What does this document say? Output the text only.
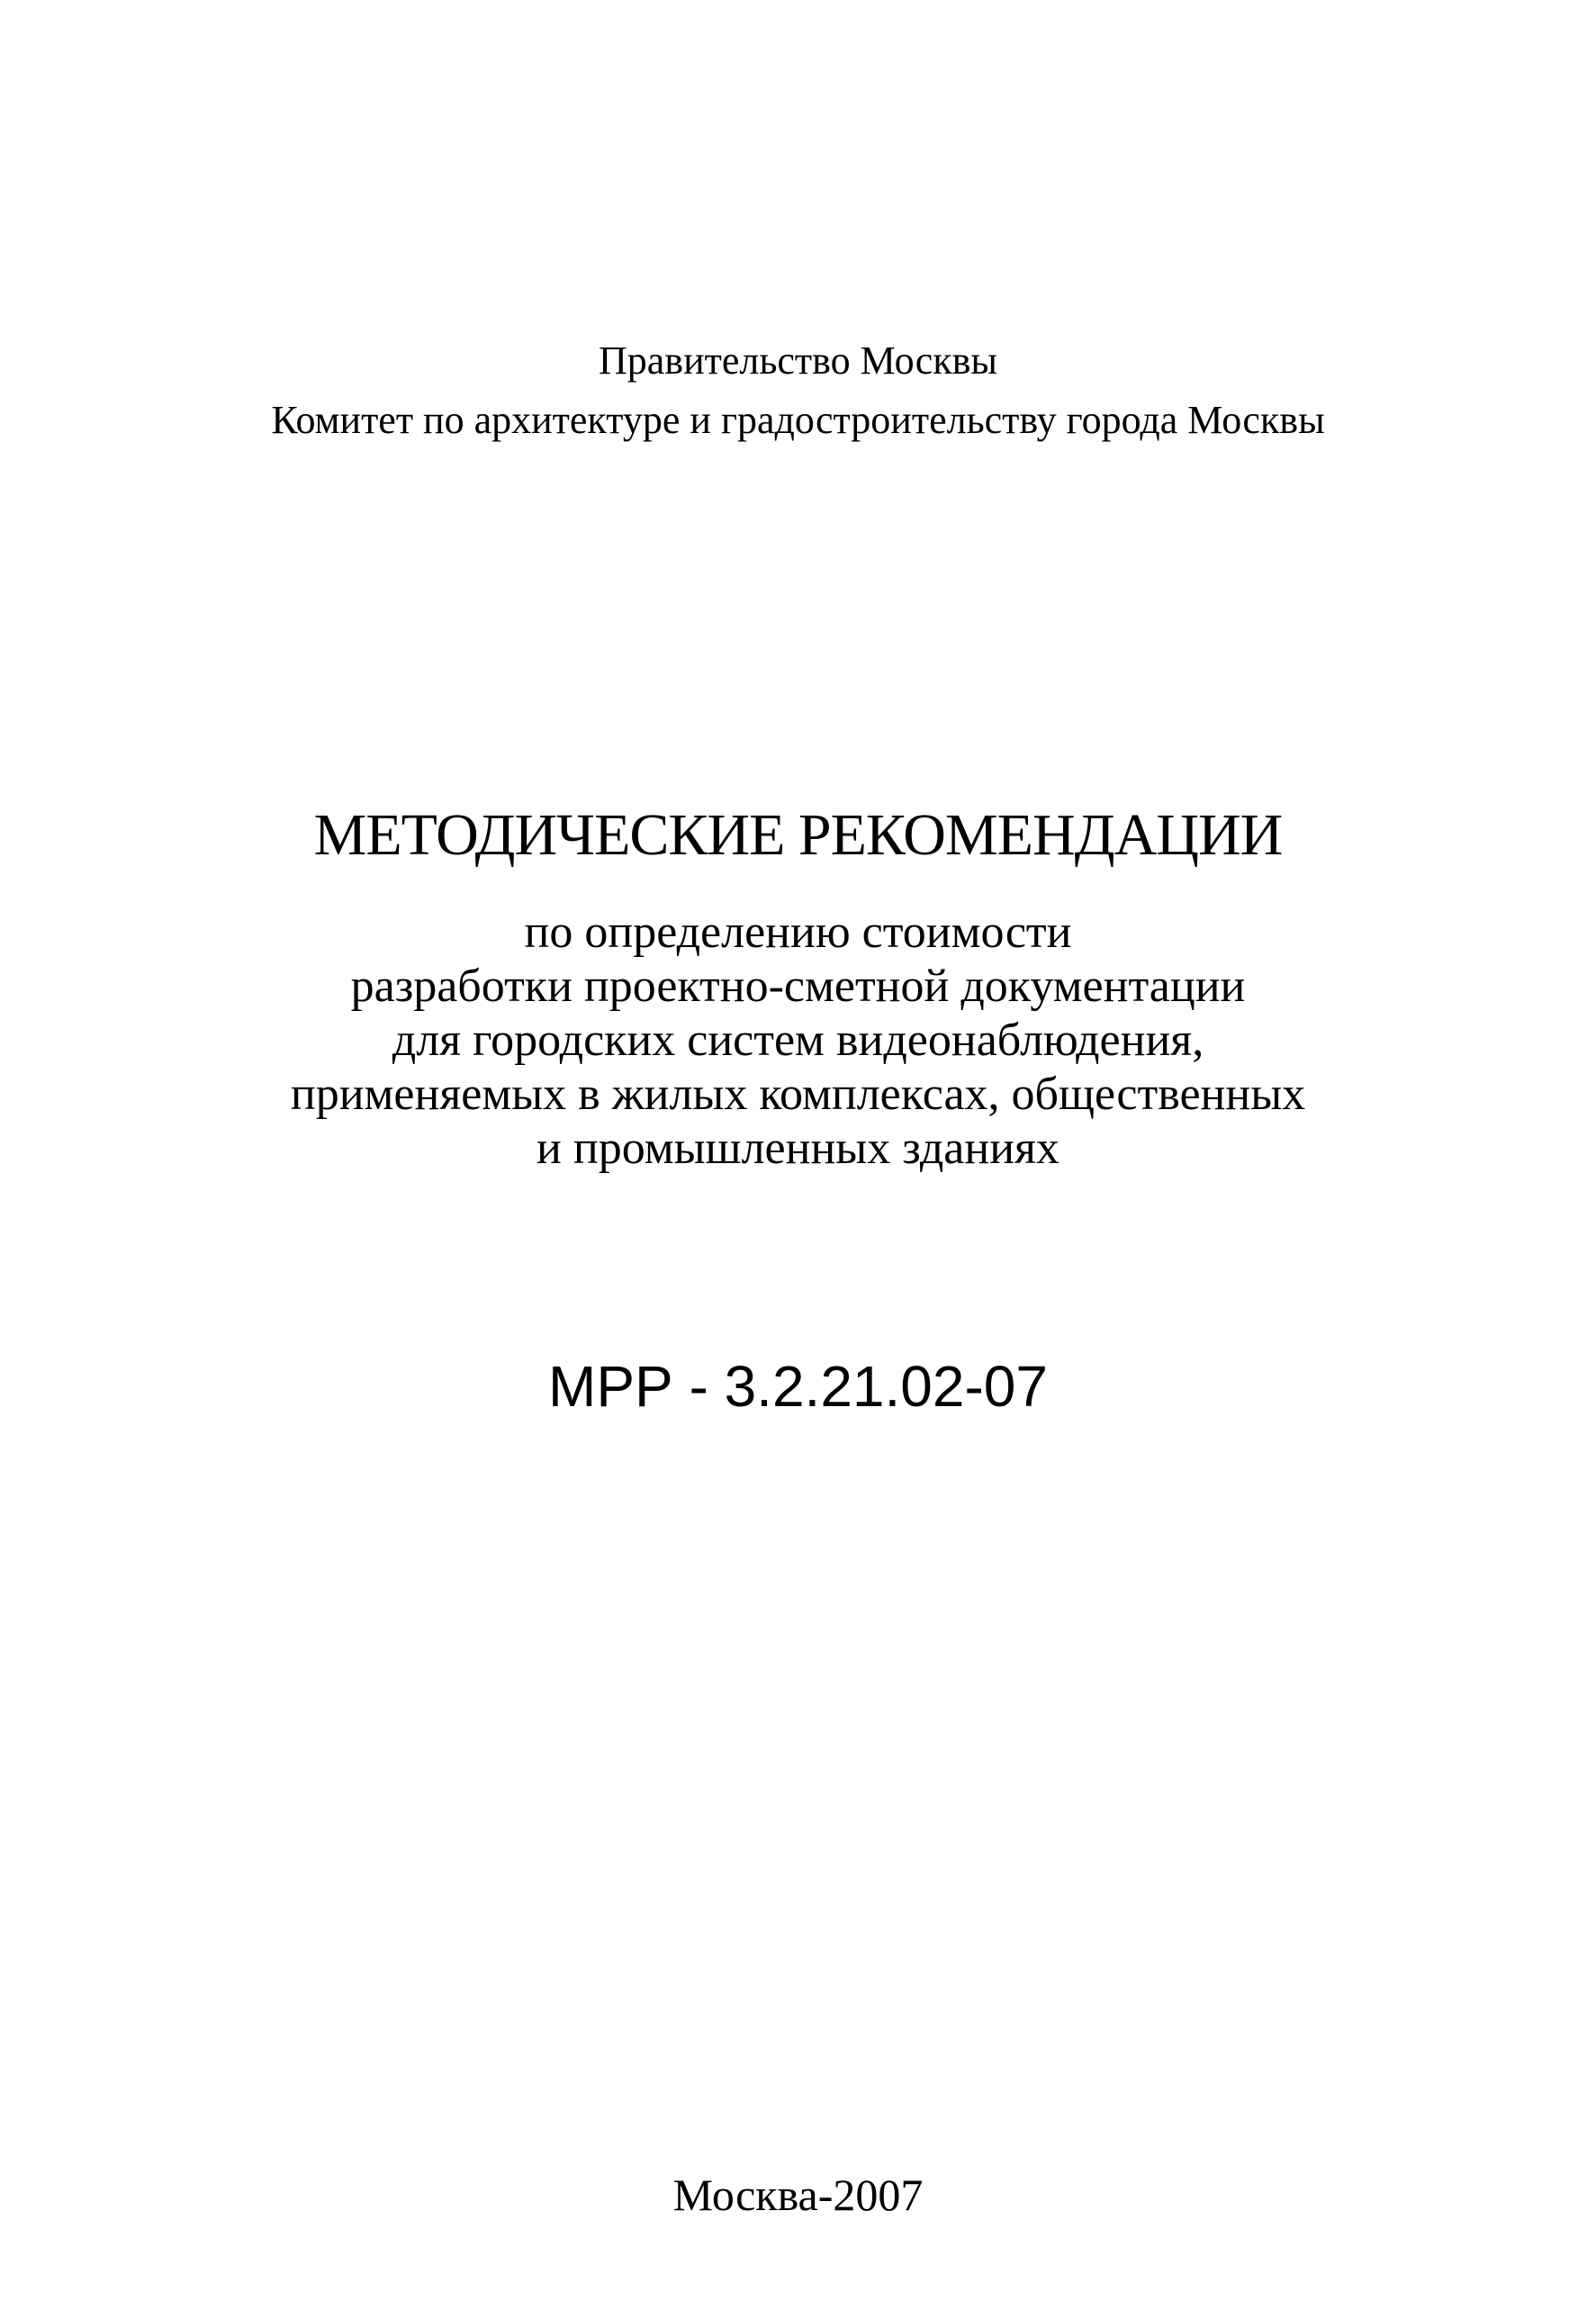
Правительство Москвы
Комитет по архитектуре и градостроительству города Москвы
МЕТОДИЧЕСКИЕ РЕКОМЕНДАЦИИ
по определению стоимости
разработки проектно-сметной документации
для городских систем видеонаблюдения,
применяемых в жилых комплексах, общественных
и промышленных зданиях
МРР - 3.2.21.02-07
Москва-2007
